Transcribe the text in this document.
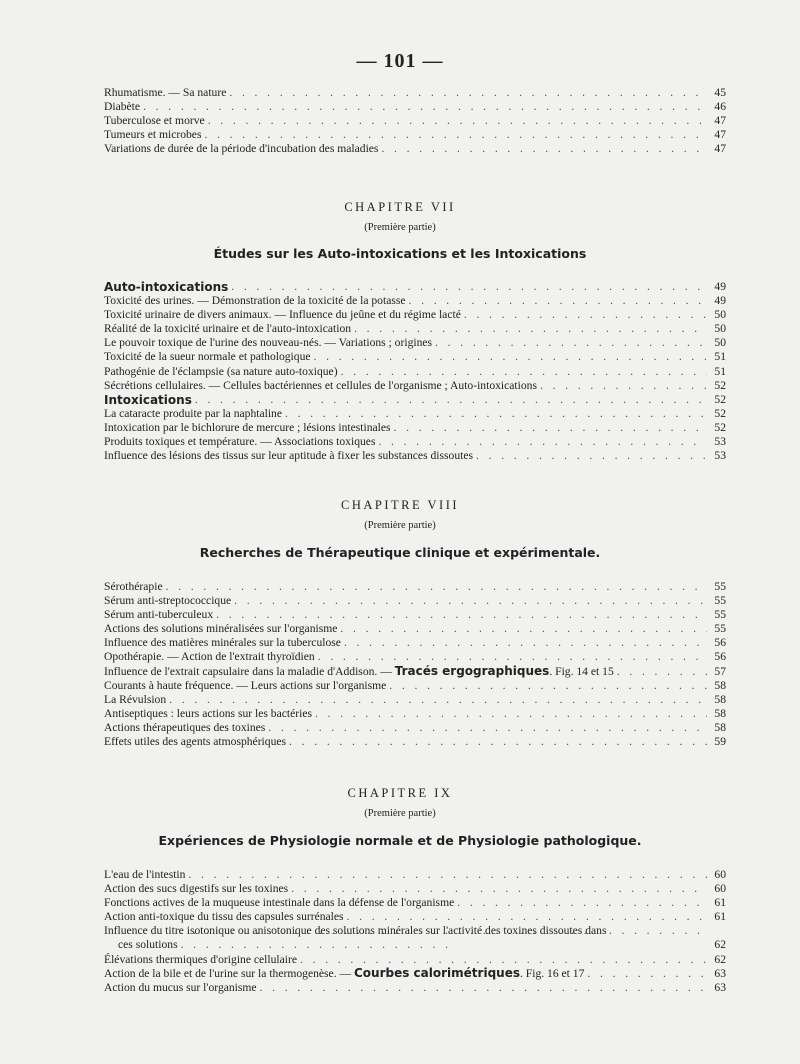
— 101 —
Rhumatisme. — Sa nature . . .	45
Diabète . . .	46
Tuberculose et morve . . .	47
Tumeurs et microbes . . .	47
Variations de durée de la période d'incubation des maladies . . .	47
CHAPITRE VII
(Première partie)
Études sur les Auto-intoxications et les Intoxications
Auto-intoxications . . .	49
Toxicité des urines. — Démonstration de la toxicité de la potasse . . .	49
Toxicité urinaire de divers animaux. — Influence du jeûne et du régime lacté . . .	50
Réalité de la toxicité urinaire et de l'auto-intoxication . . .	50
Le pouvoir toxique de l'urine des nouveau-nés. — Variations ; origines . . .	50
Toxicité de la sueur normale et pathologique . . .	51
Pathogénie de l'éclampsie (sa nature auto-toxique) . . .	51
Sécrétions cellulaires. — Cellules bactériennes et cellules de l'organisme ; Auto-intoxications . . .	52
Intoxications . . .	52
La cataracte produite par la naphtaline . . .	52
Intoxication par le bichlorure de mercure ; lésions intestinales . . .	52
Produits toxiques et température. — Associations toxiques . . .	53
Influence des lésions des tissus sur leur aptitude à fixer les substances dissoutes . . .	53
CHAPITRE VIII
(Première partie)
Recherches de Thérapeutique clinique et expérimentale.
Sérothérapie . . .	55
Sérum anti-streptococcique . . .	55
Sérum anti-tuberculeux . . .	55
Actions des solutions minéralisées sur l'organisme . . .	55
Influence des matières minérales sur la tuberculose . . .	56
Opothérapie. — Action de l'extrait thyroïdien . . .	56
Influence de l'extrait capsulaire dans la maladie d'Addison. — Tracés ergographiques. Fig. 14 et 15 . . .	57
Courants à haute fréquence. — Leurs actions sur l'organisme . . .	58
La Révulsion . . .	58
Antiseptiques : leurs actions sur les bactéries . . .	58
Actions thérapeutiques des toxines . . .	58
Effets utiles des agents atmosphériques . . .	59
CHAPITRE IX
(Première partie)
Expériences de Physiologie normale et de Physiologie pathologique.
L'eau de l'intestin . . .	60
Action des sucs digestifs sur les toxines . . .	60
Fonctions actives de la muqueuse intestinale dans la défense de l'organisme . . .	61
Action anti-toxique du tissu des capsules surrénales . . .	61
Influence du titre isotonique ou anisotonique des solutions minérales sur l'activité des toxines dissoutes dans
ces solutions . . .	62
Élévations thermiques d'origine cellulaire . . .	62
Action de la bile et de l'urine sur la thermogenèse. — Courbes calorimétriques. Fig. 16 et 17 . . .	63
Action du mucus sur l'organisme . . .	63
